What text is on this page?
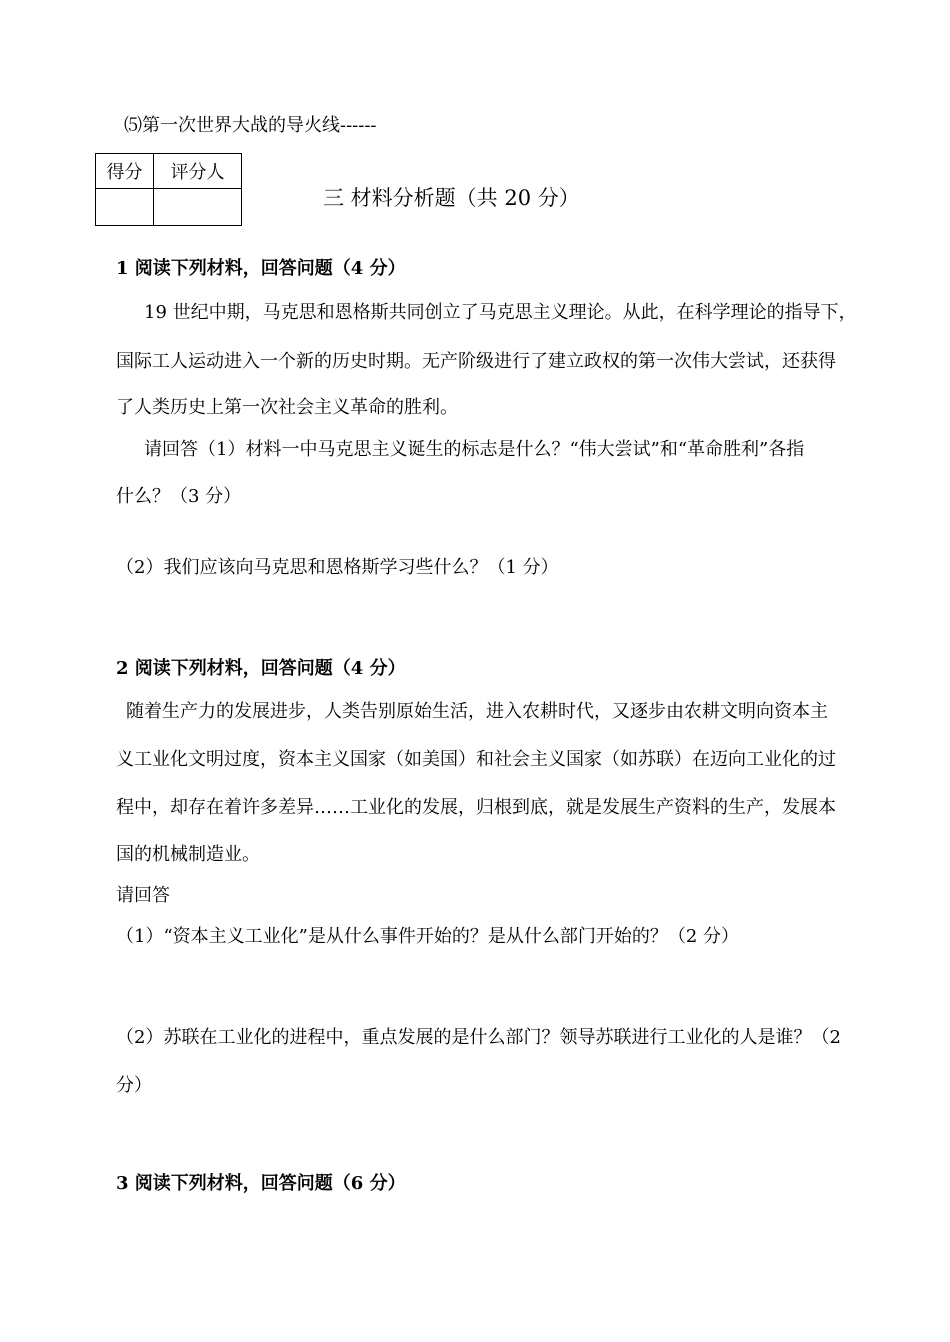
⑸第一次世界大战的导火线------
得分	评分人

三 材料分析题（共 20 分）
1 阅读下列材料，回答问题（4 分）
19 世纪中期，马克思和恩格斯共同创立了马克思主义理论。从此，在科学理论的指导下，
国际工人运动进入一个新的历史时期。无产阶级进行了建立政权的第一次伟大尝试，还获得
了人类历史上第一次社会主义革命的胜利。
请回答（1）材料一中马克思主义诞生的标志是什么？“伟大尝试”和“革命胜利”各指
什么？（3 分）
（2）我们应该向马克思和恩格斯学习些什么？（1 分）
2 阅读下列材料，回答问题（4 分）
随着生产力的发展进步，人类告别原始生活，进入农耕时代，又逐步由农耕文明向资本主
义工业化文明过度，资本主义国家（如美国）和社会主义国家（如苏联）在迈向工业化的过
程中，却存在着许多差异……工业化的发展，归根到底，就是发展生产资料的生产，发展本
国的机械制造业。
请回答
（1）“资本主义工业化”是从什么事件开始的？是从什么部门开始的？（2 分）
（2）苏联在工业化的进程中，重点发展的是什么部门？领导苏联进行工业化的人是谁？（2
分）
3 阅读下列材料，回答问题（6 分）
